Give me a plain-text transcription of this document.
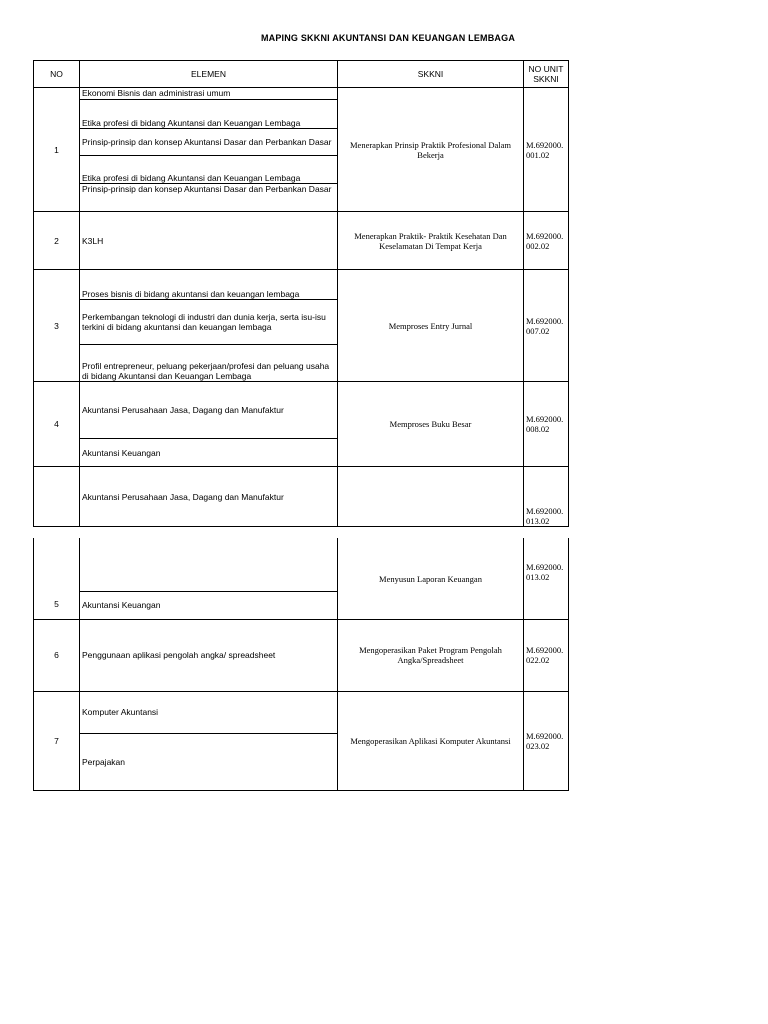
MAPING SKKNI AKUNTANSI DAN KEUANGAN LEMBAGA
NO	ELEMEN	SKKNI	NO UNIT SKKNI
1	Ekonomi Bisnis dan administrasi umum	Menerapkan Prinsip Praktik Profesional Dalam Bekerja	M.692000.001.02
	Etika profesi di bidang Akuntansi dan Keuangan Lembaga		
	Prinsip-prinsip dan konsep Akuntansi Dasar dan Perbankan Dasar		
	Etika profesi di bidang Akuntansi dan Keuangan Lembaga		
	Prinsip-prinsip dan konsep Akuntansi Dasar dan Perbankan Dasar		
2	K3LH	Menerapkan Praktik- Praktik Kesehatan Dan Keselamatan Di Tempat Kerja	M.692000.002.02
3	Proses bisnis di bidang akuntansi dan keuangan lembaga	Memproses Entry Jurnal	M.692000.007.02
	Perkembangan teknologi di industri dan dunia kerja, serta isu-isu terkini di bidang akuntansi dan keuangan lembaga		
	Profil entrepreneur, peluang pekerjaan/profesi dan peluang usaha di bidang Akuntansi dan Keuangan Lembaga		
4	Akuntansi Perusahaan Jasa, Dagang dan Manufaktur	Memproses Buku Besar	M.692000.008.02
	Akuntansi Keuangan		
	Akuntansi Perusahaan Jasa, Dagang dan Manufaktur		M.692000.013.02
5		Menyusun Laporan Keuangan	M.692000.013.02
	Akuntansi Keuangan		
6	Penggunaan aplikasi pengolah angka/ spreadsheet	Mengoperasikan Paket Program Pengolah Angka/Spreadsheet	M.692000.022.02
7	Komputer Akuntansi	Mengoperasikan Aplikasi Komputer Akuntansi	M.692000.023.02
	Perpajakan		
